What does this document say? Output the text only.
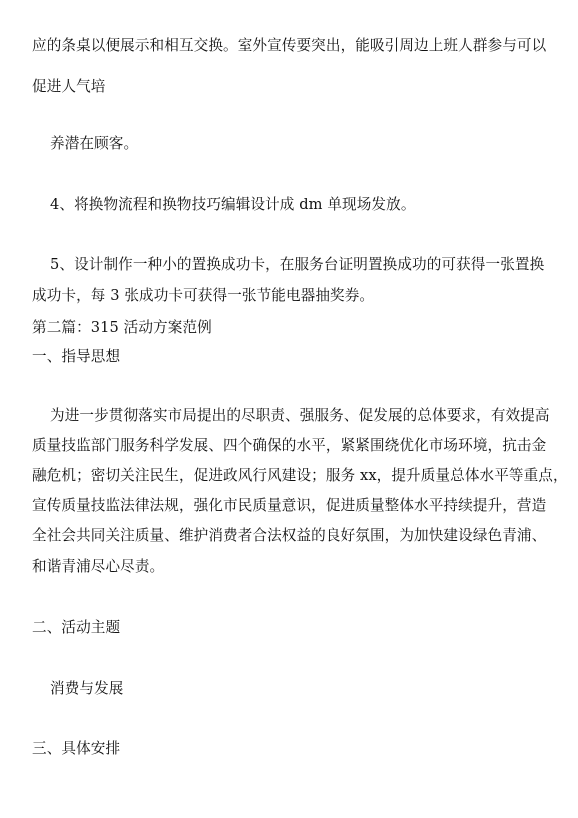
应的条桌以便展示和相互交换。室外宣传要突出，能吸引周边上班人群参与可以
促进人气培
养潜在顾客。
4、将换物流程和换物技巧编辑设计成 dm 单现场发放。
5、设计制作一种小的置换成功卡，在服务台证明置换成功的可获得一张置换
成功卡，每 3 张成功卡可获得一张节能电器抽奖券。
第二篇：315 活动方案范例
一、指导思想
为进一步贯彻落实市局提出的尽职责、强服务、促发展的总体要求，有效提高
质量技监部门服务科学发展、四个确保的水平，紧紧围绕优化市场环境，抗击金
融危机；密切关注民生，促进政风行风建设；服务 xx，提升质量总体水平等重点，
宣传质量技监法律法规，强化市民质量意识，促进质量整体水平持续提升，营造
全社会共同关注质量、维护消费者合法权益的良好氛围，为加快建设绿色青浦、
和谐青浦尽心尽责。
二、活动主题
消费与发展
三、具体安排
